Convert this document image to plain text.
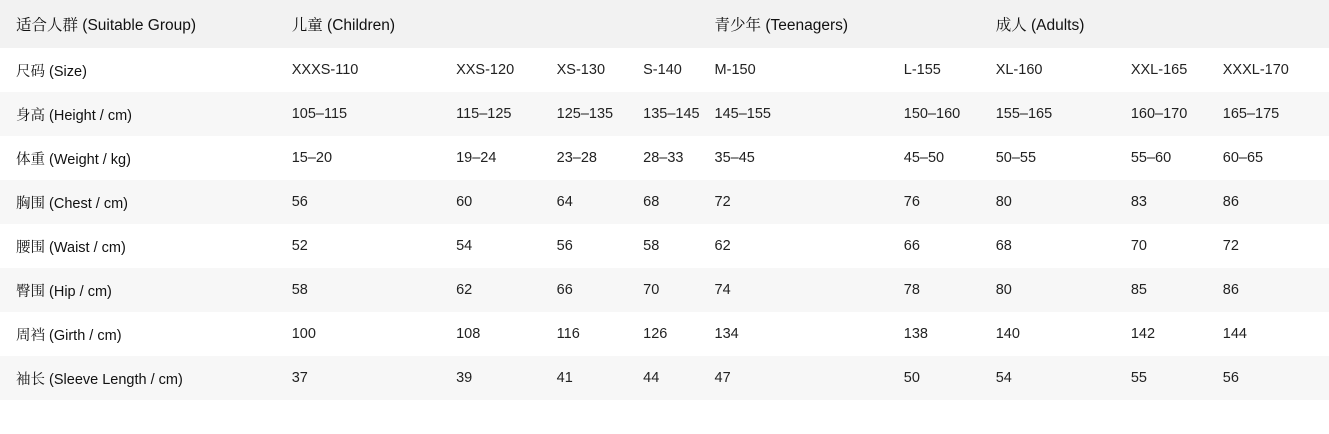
适合人群 (Suitable Group)	儿童 (Children)				青少年 (Teenagers)		成人 (Adults)		
尺码 (Size)	XXXS-110	XXS-120	XS-130	S-140	M-150	L-155	XL-160	XXL-165	XXXL-170
身高 (Height / cm)	105–115	115–125	125–135	135–145	145–155	150–160	155–165	160–170	165–175
体重 (Weight / kg)	15–20	19–24	23–28	28–33	35–45	45–50	50–55	55–60	60–65
胸围 (Chest / cm)	56	60	64	68	72	76	80	83	86
腰围 (Waist / cm)	52	54	56	58	62	66	68	70	72
臀围 (Hip / cm)	58	62	66	70	74	78	80	85	86
周裆 (Girth / cm)	100	108	116	126	134	138	140	142	144
袖长 (Sleeve Length / cm)	37	39	41	44	47	50	54	55	56
